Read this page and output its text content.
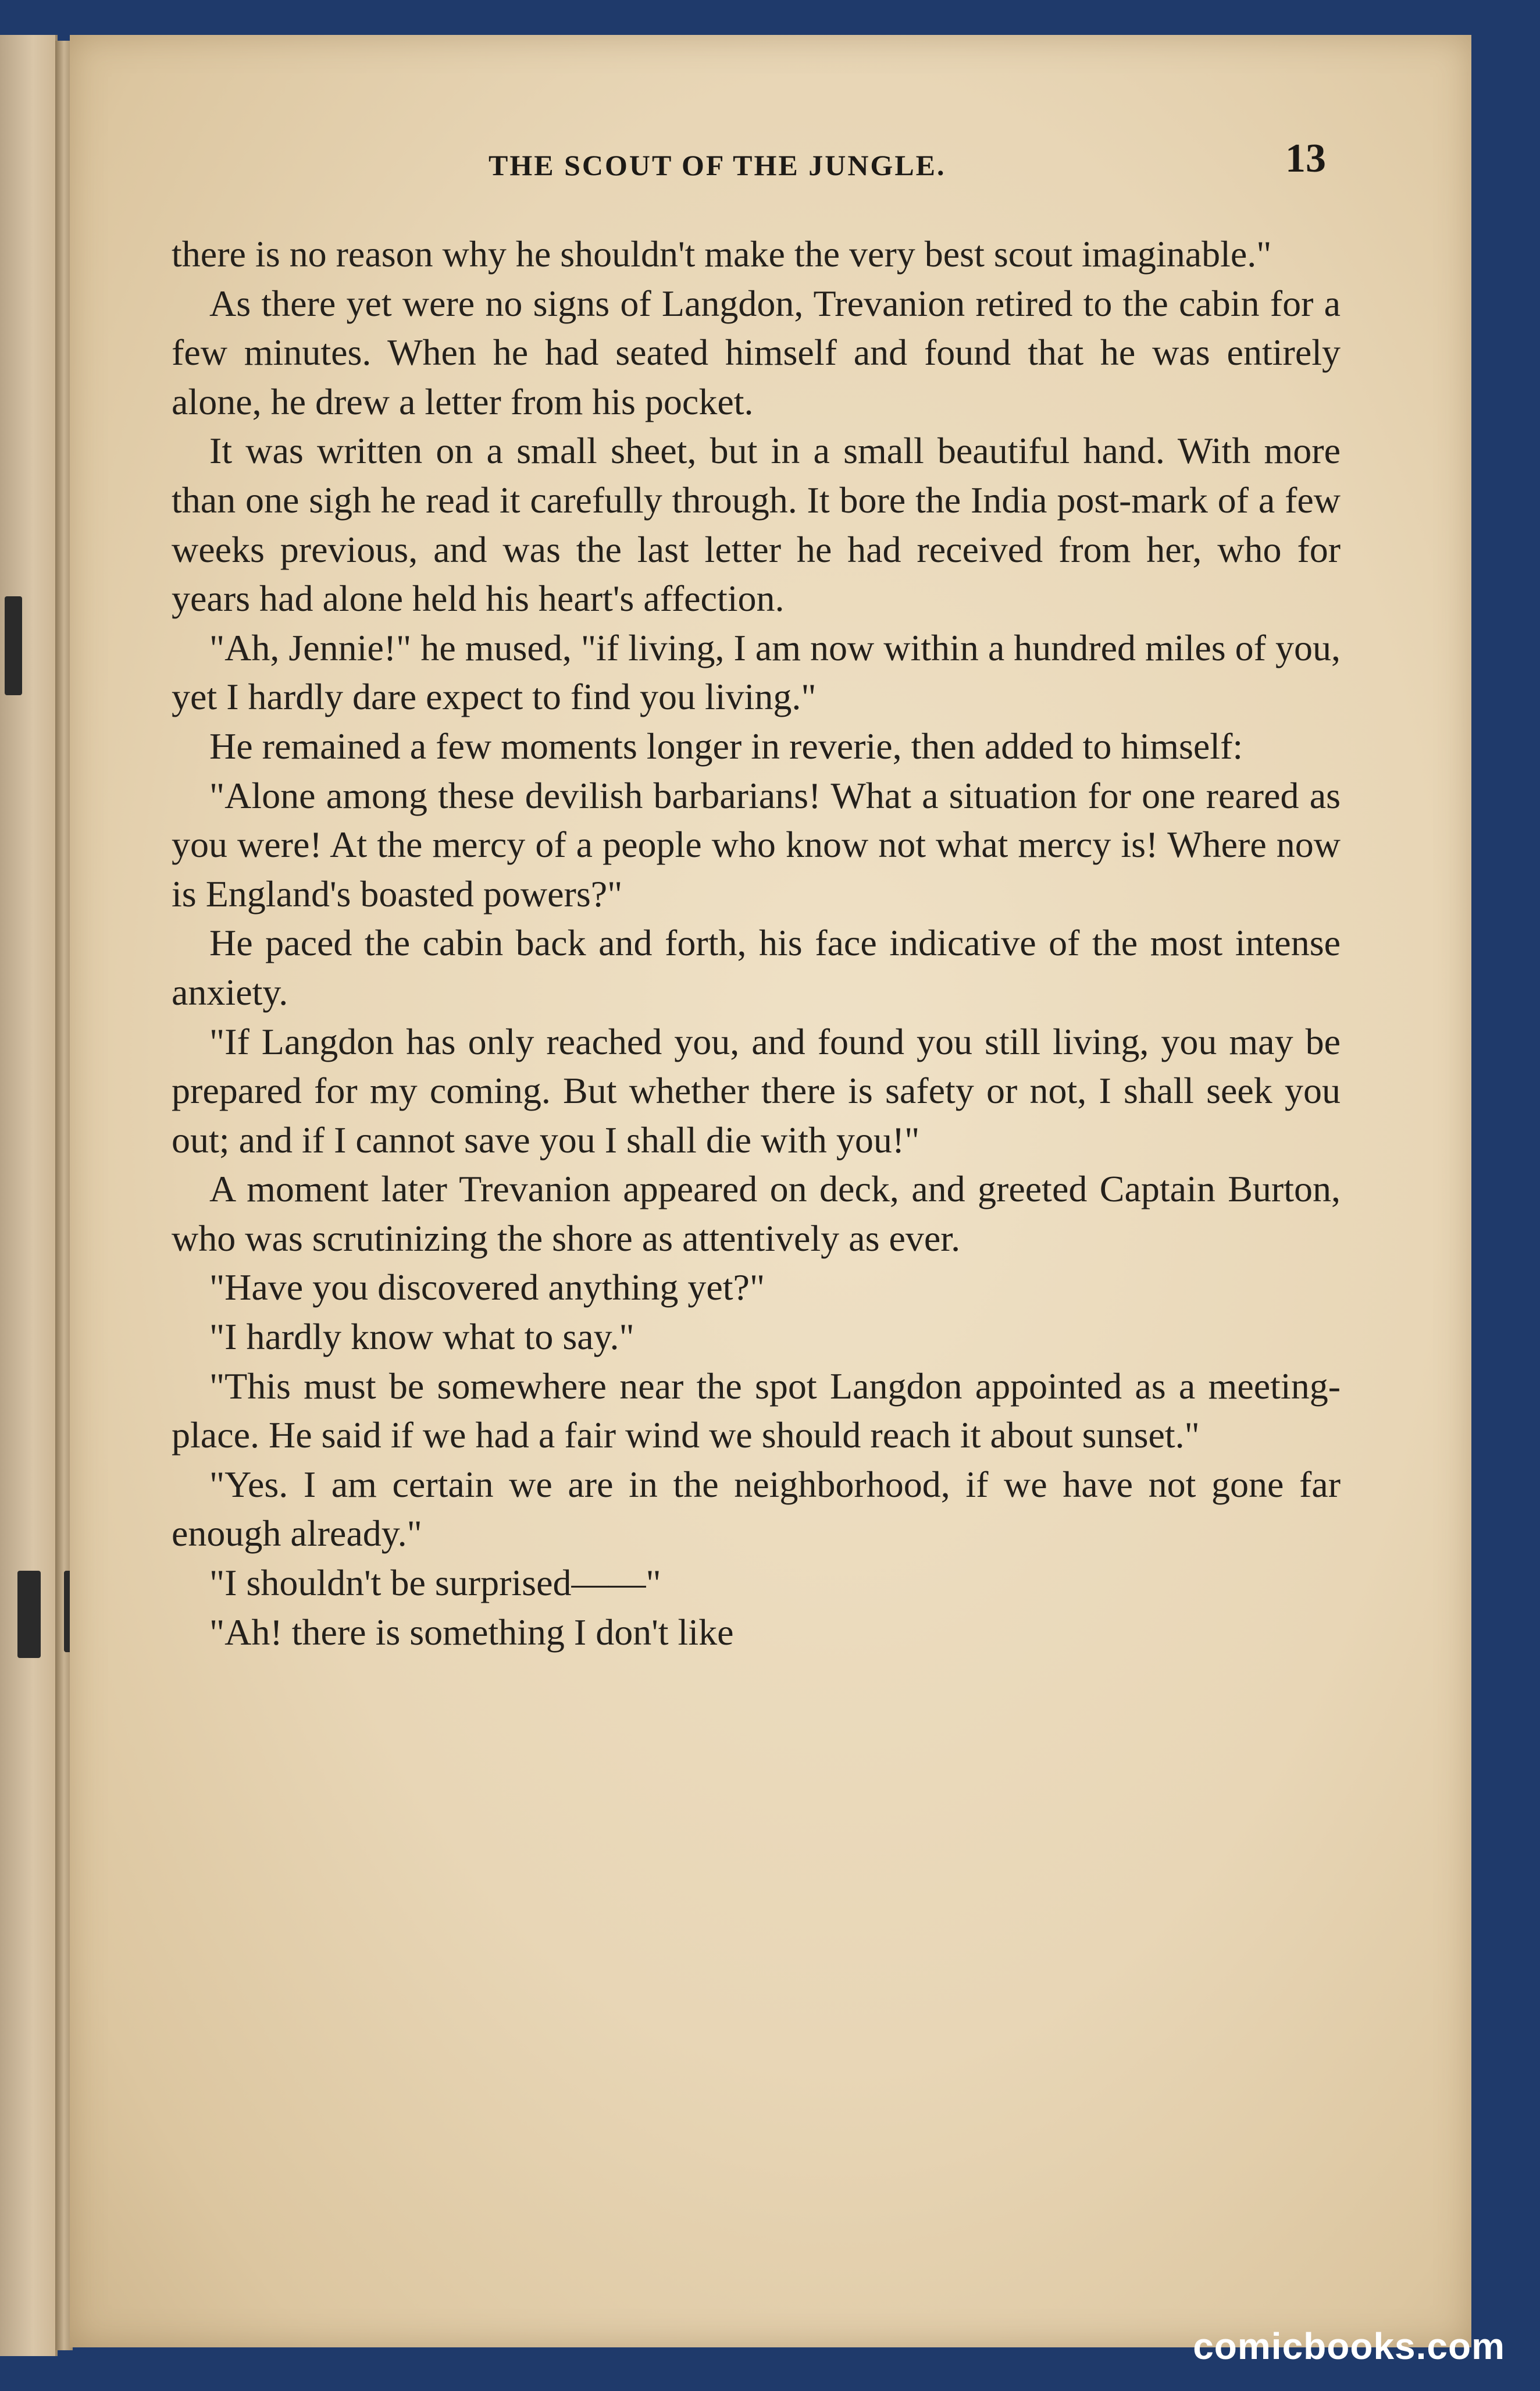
THE SCOUT OF THE JUNGLE.	13

there is no reason why he shouldn't make the very best scout imaginable."

As there yet were no signs of Langdon, Trevanion retired to the cabin for a few minutes. When he had seated himself and found that he was entirely alone, he drew a letter from his pocket.

It was written on a small sheet, but in a small beautiful hand. With more than one sigh he read it carefully through. It bore the India post-mark of a few weeks previous, and was the last letter he had received from her, who for years had alone held his heart's affection.

"Ah, Jennie!" he mused, "if living, I am now within a hundred miles of you, yet I hardly dare expect to find you living."

He remained a few moments longer in reverie, then added to himself:

"Alone among these devilish barbarians! What a situation for one reared as you were! At the mercy of a people who know not what mercy is! Where now is England's boasted powers?"

He paced the cabin back and forth, his face indicative of the most intense anxiety.

"If Langdon has only reached you, and found you still living, you may be prepared for my coming. But whether there is safety or not, I shall seek you out; and if I cannot save you I shall die with you!"

A moment later Trevanion appeared on deck, and greeted Captain Burton, who was scrutinizing the shore as attentively as ever.

"Have you discovered anything yet?"

"I hardly know what to say."

"This must be somewhere near the spot Langdon appointed as a meeting-place. He said if we had a fair wind we should reach it about sunset."

"Yes. I am certain we are in the neighborhood, if we have not gone far enough already."

"I shouldn't be surprised——"

"Ah! there is something I don't like

comicbooks.com
